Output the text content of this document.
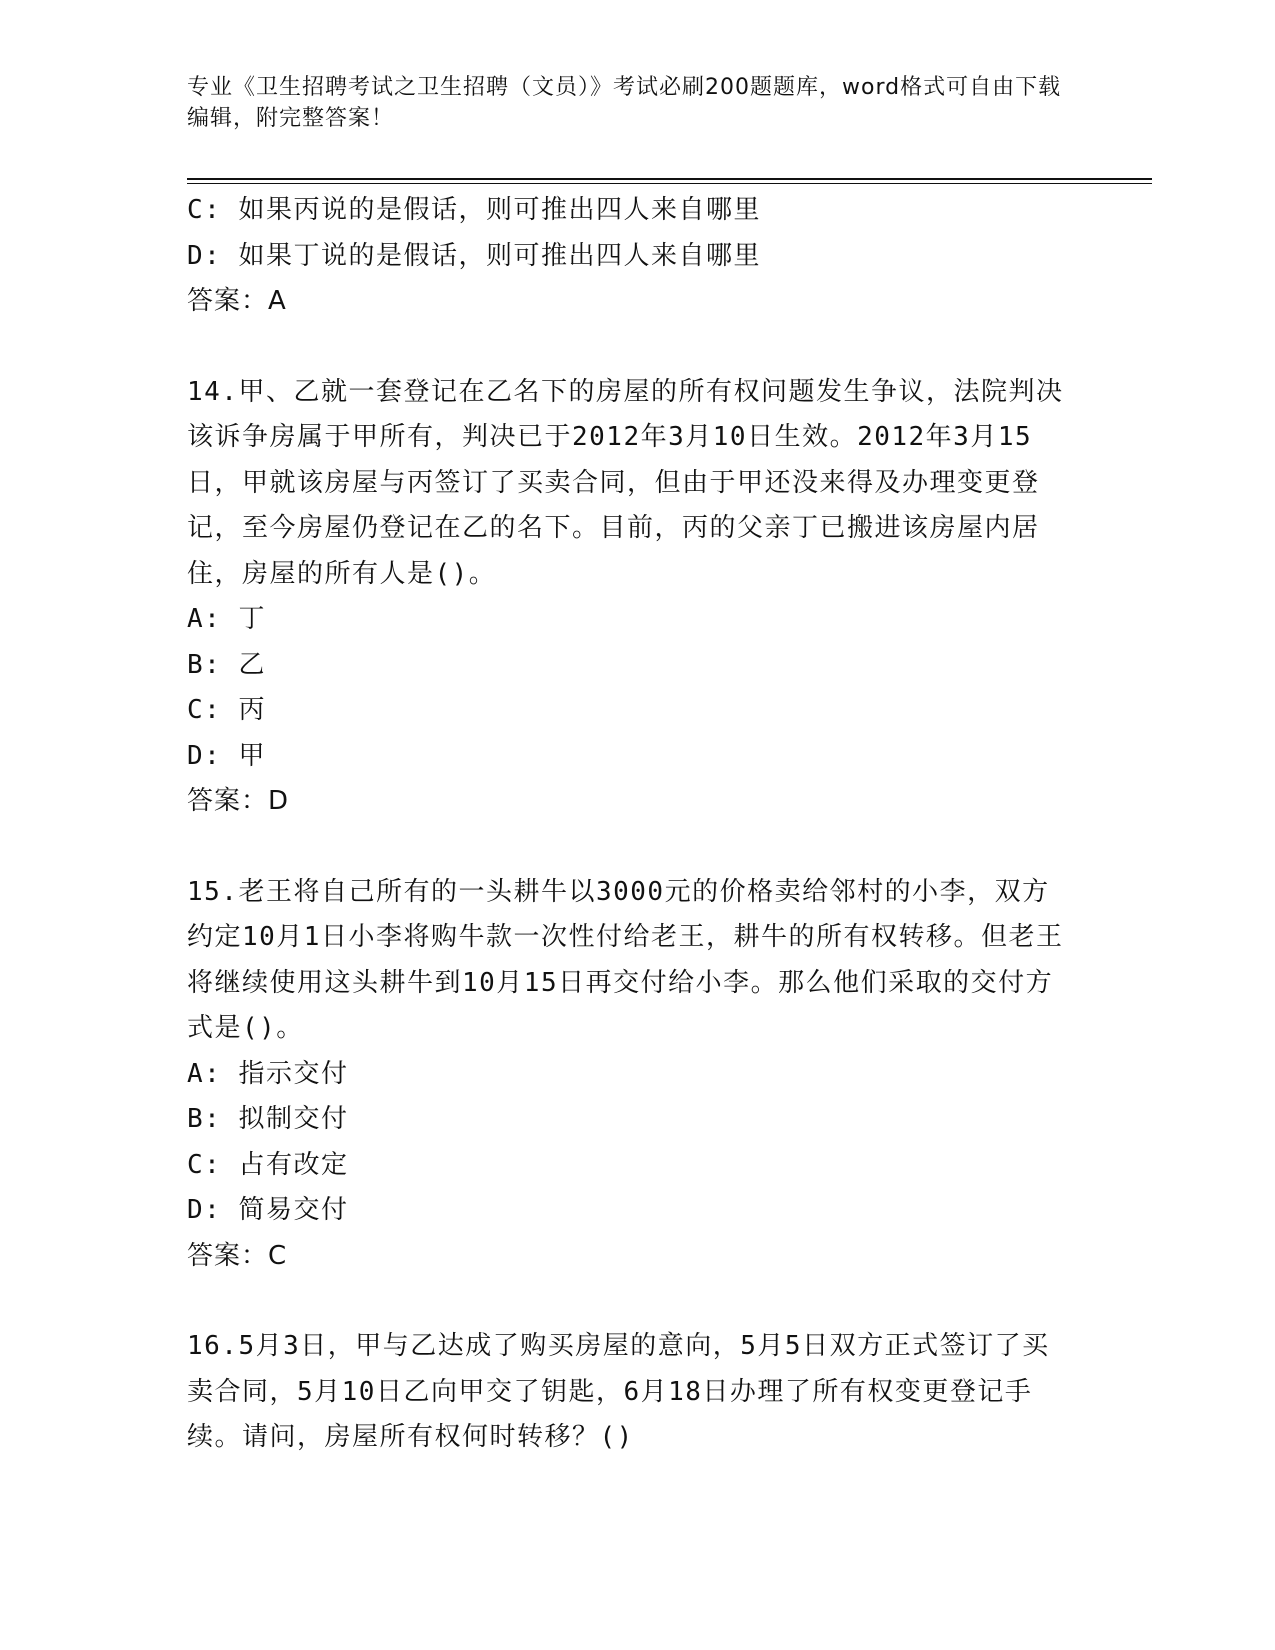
专业《卫生招聘考试之卫生招聘（文员）》考试必刷200题题库，word格式可自由下载编辑，附完整答案！

C: 如果丙说的是假话，则可推出四人来自哪里

D: 如果丁说的是假话，则可推出四人来自哪里

答案：A

14.甲、乙就一套登记在乙名下的房屋的所有权问题发生争议，法院判决该诉争房属于甲所有，判决已于2012年3月10日生效。2012年3月15日，甲就该房屋与丙签订了买卖合同，但由于甲还没来得及办理变更登记，至今房屋仍登记在乙的名下。目前，丙的父亲丁已搬进该房屋内居住，房屋的所有人是()。

A: 丁

B: 乙

C: 丙

D: 甲

答案：D

15.老王将自己所有的一头耕牛以3000元的价格卖给邻村的小李，双方约定10月1日小李将购牛款一次性付给老王，耕牛的所有权转移。但老王将继续使用这头耕牛到10月15日再交付给小李。那么他们采取的交付方式是()。

A: 指示交付

B: 拟制交付

C: 占有改定

D: 简易交付

答案：C

16.5月3日，甲与乙达成了购买房屋的意向，5月5日双方正式签订了买卖合同，5月10日乙向甲交了钥匙，6月18日办理了所有权变更登记手续。请问，房屋所有权何时转移？()
